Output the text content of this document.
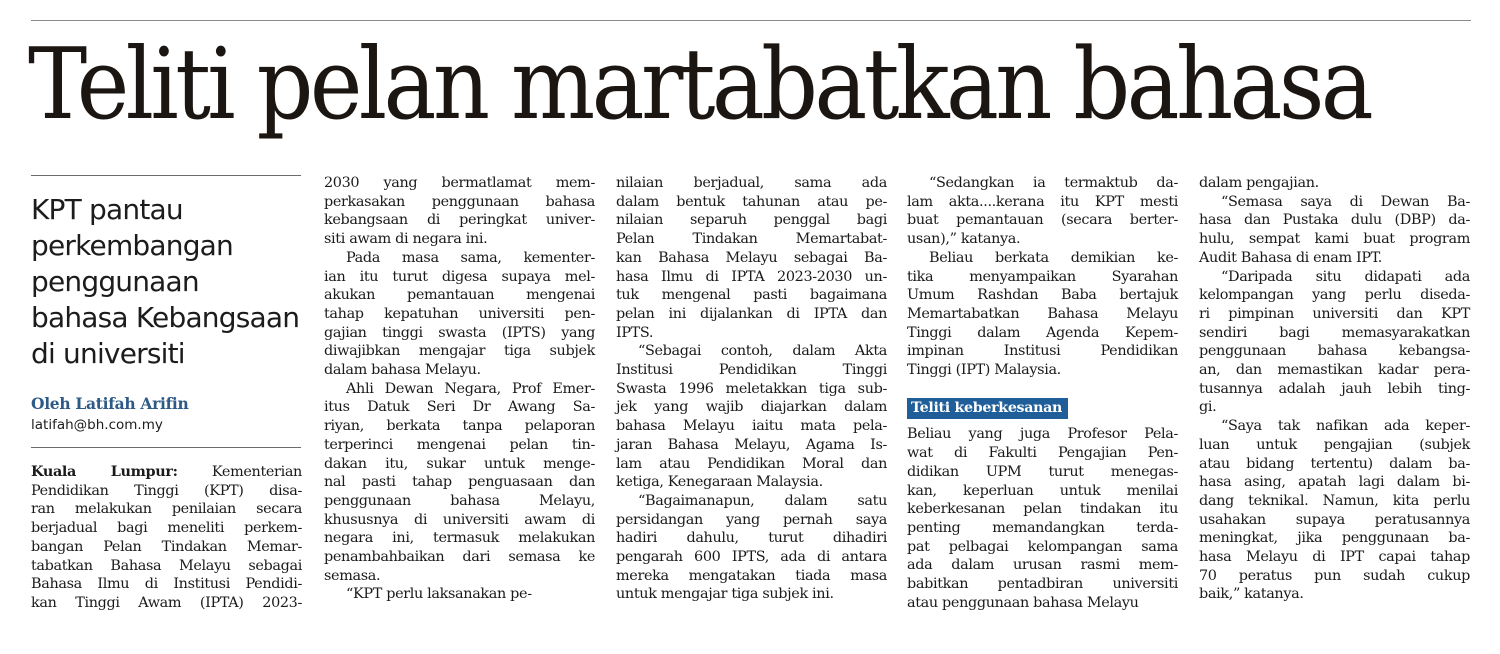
Teliti pelan martabatkan bahasa
KPT pantau perkembangan penggunaan bahasa Kebangsaan di universiti
Oleh Latifah Arifin
latifah@bh.com.my

Kuala Lumpur: Kementerian
Pendidikan Tinggi (KPT) disa-
ran melakukan penilaian secara
berjadual bagi meneliti perkem-
bangan Pelan Tindakan Memar-
tabatkan Bahasa Melayu sebagai
Bahasa Ilmu di Institusi Pendidi-
kan Tinggi Awam (IPTA) 2023-

2030 yang bermatlamat mem-
perkasakan penggunaan bahasa
kebangsaan di peringkat univer-
siti awam di negara ini.

Pada masa sama, kementer-
ian itu turut digesa supaya mel-
akukan pemantauan mengenai
tahap kepatuhan universiti pen-
gajian tinggi swasta (IPTS) yang
diwajibkan mengajar tiga subjek
dalam bahasa Melayu.

Ahli Dewan Negara, Prof Emer-
itus Datuk Seri Dr Awang Sa-
riyan, berkata tanpa pelaporan
terperinci mengenai pelan tin-
dakan itu, sukar untuk menge-
nal pasti tahap penguasaan dan
penggunaan bahasa Melayu,
khususnya di universiti awam di
negara ini, termasuk melakukan
penambahbaikan dari semasa ke
semasa.

“KPT perlu laksanakan pe-

nilaian berjadual, sama ada
dalam bentuk tahunan atau pe-
nilaian separuh penggal bagi
Pelan Tindakan Memartabat-
kan Bahasa Melayu sebagai Ba-
hasa Ilmu di IPTA 2023-2030 un-
tuk mengenal pasti bagaimana
pelan ini dijalankan di IPTA dan
IPTS.

“Sebagai contoh, dalam Akta
Institusi Pendidikan Tinggi
Swasta 1996 meletakkan tiga sub-
jek yang wajib diajarkan dalam
bahasa Melayu iaitu mata pela-
jaran Bahasa Melayu, Agama Is-
lam atau Pendidikan Moral dan
ketiga, Kenegaraan Malaysia.

“Bagaimanapun, dalam satu
persidangan yang pernah saya
hadiri dahulu, turut dihadiri
pengarah 600 IPTS, ada di antara
mereka mengatakan tiada masa
untuk mengajar tiga subjek ini.

“Sedangkan ia termaktub da-
lam akta....kerana itu KPT mesti
buat pemantauan (secara berter-
usan),” katanya.

Beliau berkata demikian ke-
tika menyampaikan Syarahan
Umum Rashdan Baba bertajuk
Memartabatkan Bahasa Melayu
Tinggi dalam Agenda Kepem-
impinan Institusi Pendidikan
Tinggi (IPT) Malaysia.

Teliti keberkesanan

Beliau yang juga Profesor Pela-
wat di Fakulti Pengajian Pen-
didikan UPM turut menegas-
kan, keperluan untuk menilai
keberkesanan pelan tindakan itu
penting memandangkan terda-
pat pelbagai kelompangan sama
ada dalam urusan rasmi mem-
babitkan pentadbiran universiti
atau penggunaan bahasa Melayu

dalam pengajian.

“Semasa saya di Dewan Ba-
hasa dan Pustaka dulu (DBP) da-
hulu, sempat kami buat program
Audit Bahasa di enam IPT.

“Daripada situ didapati ada
kelompangan yang perlu diseda-
ri pimpinan universiti dan KPT
sendiri bagi memasyarakatkan
penggunaan bahasa kebangsa-
an, dan memastikan kadar pera-
tusannya adalah jauh lebih ting-
gi.

“Saya tak nafikan ada keper-
luan untuk pengajian (subjek
atau bidang tertentu) dalam ba-
hasa asing, apatah lagi dalam bi-
dang teknikal. Namun, kita perlu
usahakan supaya peratusannya
meningkat, jika penggunaan ba-
hasa Melayu di IPT capai tahap
70 peratus pun sudah cukup
baik,” katanya.
